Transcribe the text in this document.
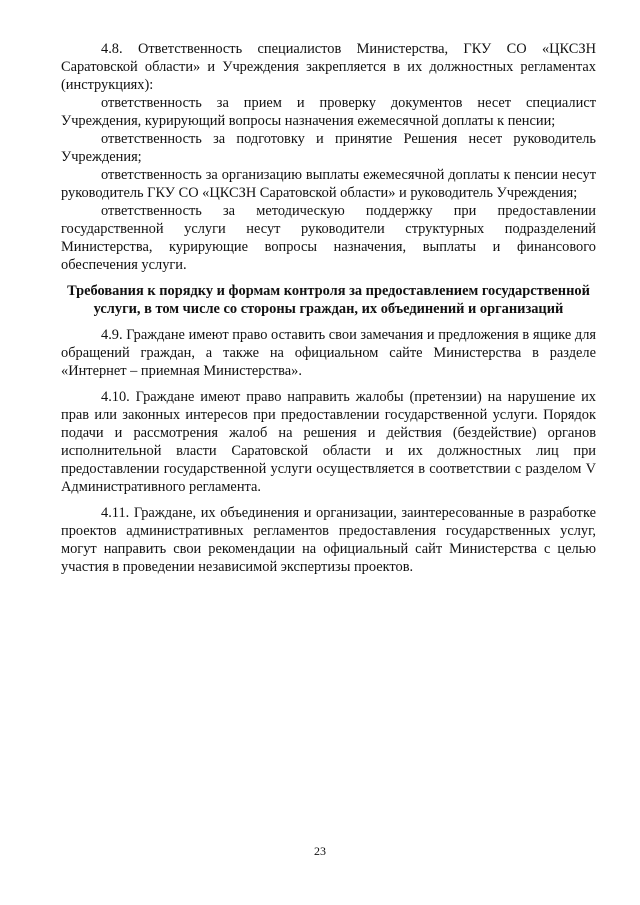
4.8. Ответственность специалистов Министерства, ГКУ СО «ЦКСЗН Саратовской области» и Учреждения закрепляется в их должностных регламентах (инструкциях):

ответственность за прием и проверку документов несет специалист Учреждения, курирующий вопросы назначения ежемесячной доплаты к пенсии;

ответственность за подготовку и принятие Решения несет руководитель Учреждения;

ответственность за организацию выплаты ежемесячной доплаты к пенсии несут руководитель ГКУ СО «ЦКСЗН Саратовской области» и руководитель Учреждения;

ответственность за методическую поддержку при предоставлении государственной услуги несут руководители структурных подразделений Министерства, курирующие вопросы назначения, выплаты и финансового обеспечения услуги.

Требования к порядку и формам контроля за предоставлением государственной услуги, в том числе со стороны граждан, их объединений и организаций

4.9. Граждане имеют право оставить свои замечания и предложения в ящике для обращений граждан, а также на официальном сайте Министерства в разделе «Интернет – приемная Министерства».

4.10. Граждане имеют право направить жалобы (претензии) на нарушение их прав или законных интересов при предоставлении государственной услуги. Порядок подачи и рассмотрения жалоб на решения и действия (бездействие) органов исполнительной власти Саратовской области и их должностных лиц при предоставлении государственной услуги осуществляется в соответствии с разделом V Административного регламента.

4.11. Граждане, их объединения и организации, заинтересованные в разработке проектов административных регламентов предоставления государственных услуг, могут направить свои рекомендации на официальный сайт Министерства с целью участия в проведении независимой экспертизы проектов.

23
